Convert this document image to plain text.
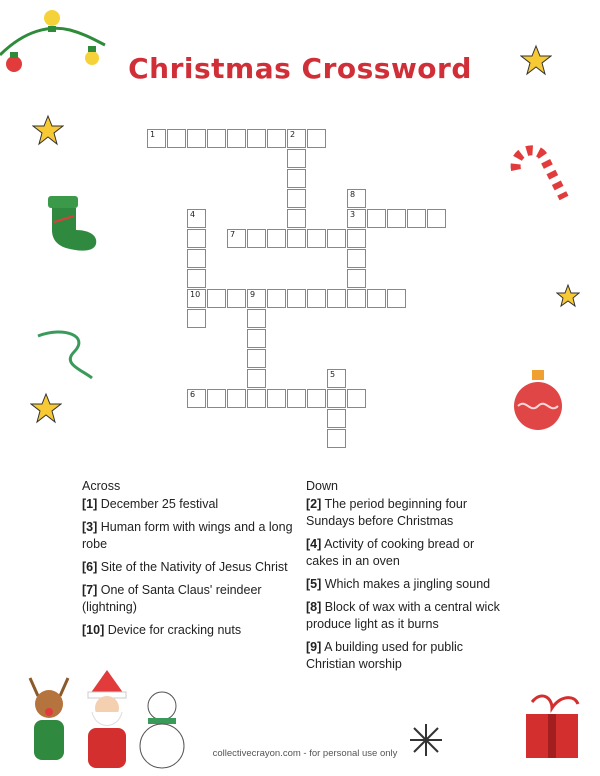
Christmas Crossword
1	2
3
4
10
5
6
7
8
9
Across
[1] December 25 festival
[3] Human form with wings and a long robe
[6] Site of the Nativity of Jesus Christ
[7] One of Santa Claus' reindeer (lightning)
[10] Device for cracking nuts
Down
[2] The period beginning four Sundays before Christmas
[4] Activity of cooking bread or cakes in an oven
[5] Which makes a jingling sound
[8] Block of wax with a central wick produce light as it burns
[9] A building used for public Christian worship
collectivecrayon.com - for personal use only
